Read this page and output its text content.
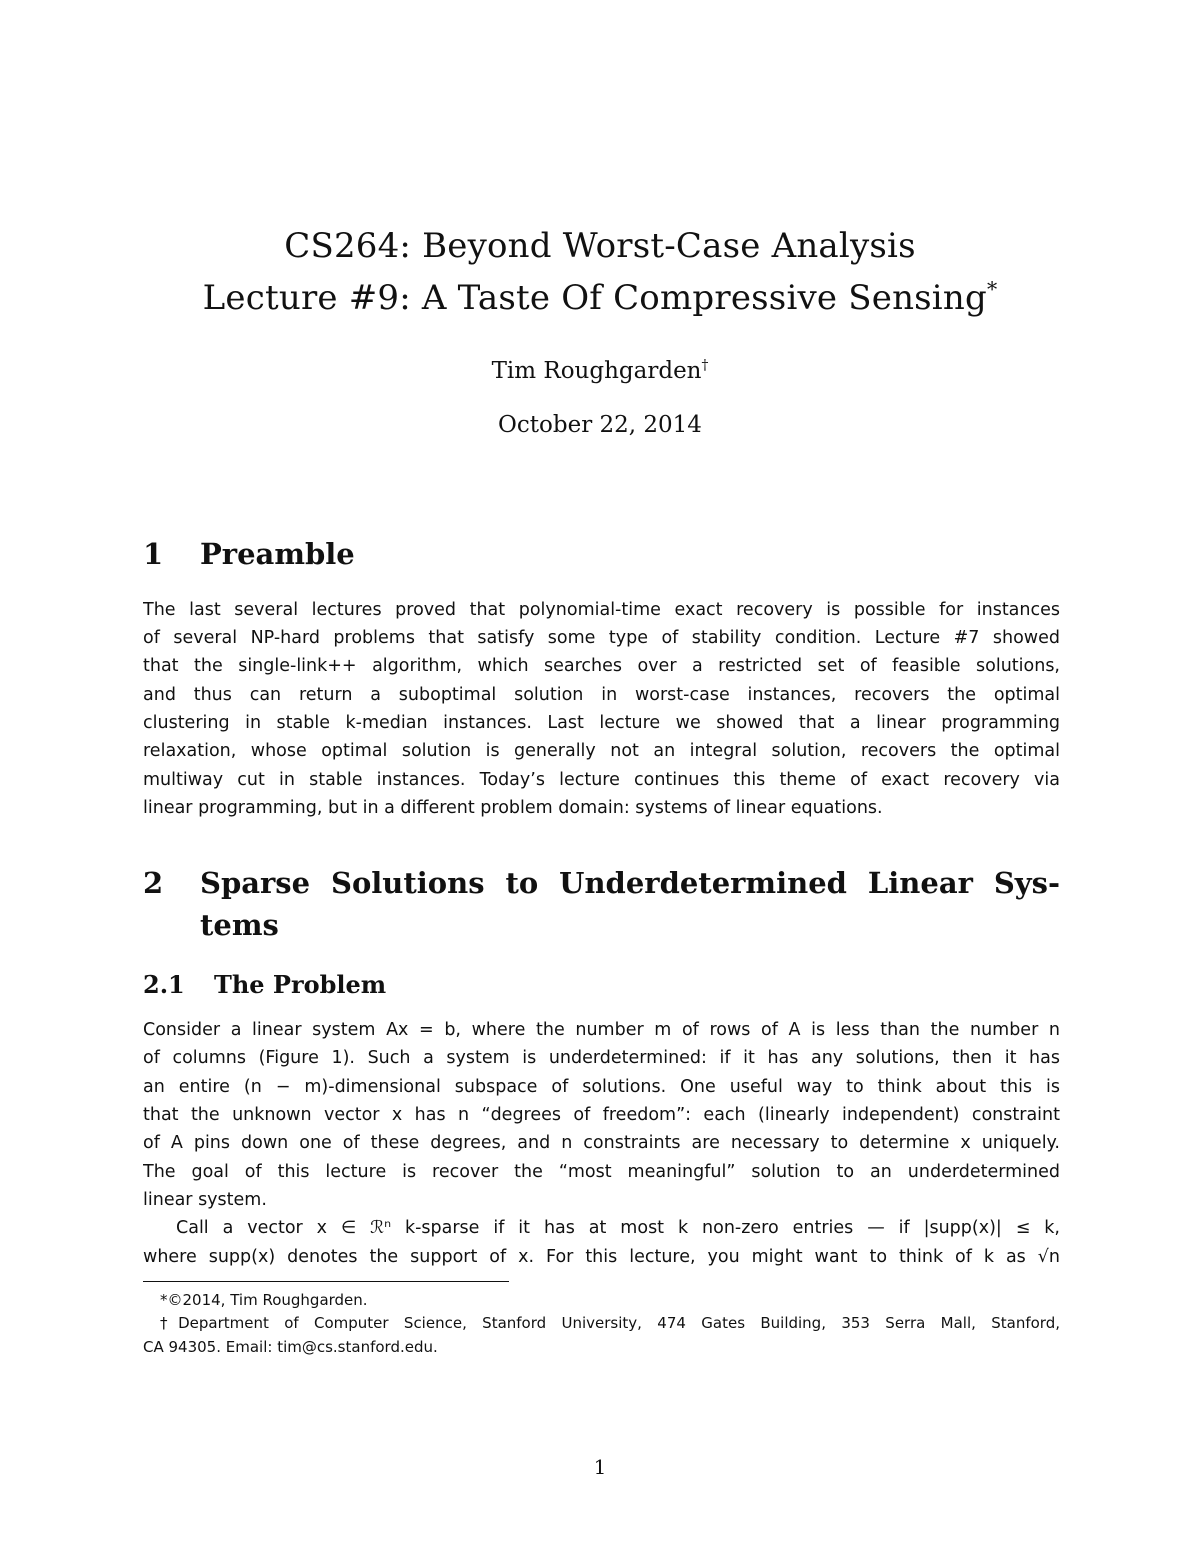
CS264: Beyond Worst-Case Analysis
Lecture #9: A Taste Of Compressive Sensing*
Tim Roughgarden†
October 22, 2014
1 Preamble
The last several lectures proved that polynomial-time exact recovery is possible for instances
of several NP-hard problems that satisfy some type of stability condition. Lecture #7 showed
that the single-link++ algorithm, which searches over a restricted set of feasible solutions,
and thus can return a suboptimal solution in worst-case instances, recovers the optimal
clustering in stable k-median instances. Last lecture we showed that a linear programming
relaxation, whose optimal solution is generally not an integral solution, recovers the optimal
multiway cut in stable instances. Today’s lecture continues this theme of exact recovery via
linear programming, but in a different problem domain: systems of linear equations.
2 Sparse Solutions to Underdetermined Linear Sys-
tems
2.1 The Problem
Consider a linear system Ax = b, where the number m of rows of A is less than the number n
of columns (Figure 1). Such a system is underdetermined: if it has any solutions, then it has
an entire (n − m)-dimensional subspace of solutions. One useful way to think about this is
that the unknown vector x has n “degrees of freedom”: each (linearly independent) constraint
of A pins down one of these degrees, and n constraints are necessary to determine x uniquely.
The goal of this lecture is recover the “most meaningful” solution to an underdetermined
linear system.
Call a vector x ∈ ℛⁿ k-sparse if it has at most k non-zero entries — if |supp(x)| ≤ k,
where supp(x) denotes the support of x. For this lecture, you might want to think of k as √n
*©2014, Tim Roughgarden.
†Department of Computer Science, Stanford University, 474 Gates Building, 353 Serra Mall, Stanford,
CA 94305. Email: tim@cs.stanford.edu.
1
